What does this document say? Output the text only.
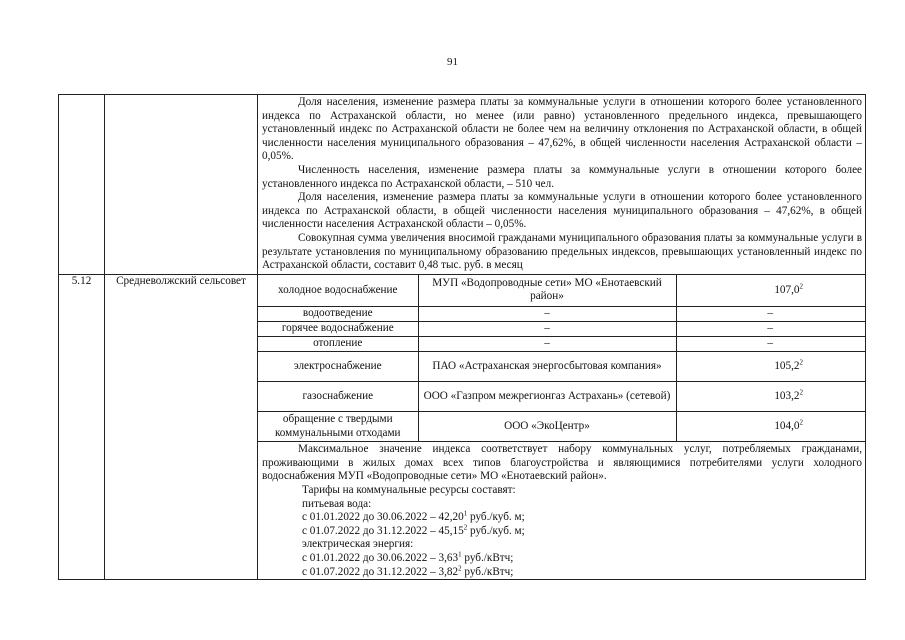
91

Доля населения, изменение размера платы за коммунальные услуги в отношении которого более установленного индекса по Астраханской области, но менее (или равно) установленного предельного индекса, превышающего установленный индекс по Астраханской области не более чем на величину отклонения по Астраханской области, в общей численности населения муниципального образования – 47,62%, в общей численности населения Астраханской области – 0,05%.
Численность населения, изменение размера платы за коммунальные услуги в отношении которого более установленного индекса по Астраханской области, – 510 чел.
Доля населения, изменение размера платы за коммунальные услуги в отношении которого более установленного индекса по Астраханской области, в общей численности населения муниципального образования – 47,62%, в общей численности населения Астраханской области – 0,05%.
Совокупная сумма увеличения вносимой гражданами муниципального образования платы за коммунальные услуги в результате установления по муниципальному образованию предельных индексов, превышающих установленный индекс по Астраханской области, составит 0,48 тыс. руб. в месяц

5.12	Средневолжский сельсовет	
холодное водоснабжение	МУП «Водопроводные сети» МО «Енотаевский район»	107,0$^2$
водоотведение	–	–
горячее водоснабжение	–	–
отопление	–	–
электроснабжение	ПАО «Астраханская энергосбытовая компания»	105,2$^2$
газоснабжение	ООО «Газпром межрегионгаз Астрахань» (сетевой)	103,2$^2$
обращение с твердыми коммунальными отходами	ООО «ЭкоЦентр»	104,0$^2$
Максимальное значение индекса соответствует набору коммунальных услуг, потребляемых гражданами, проживающими в жилых домах всех типов благоустройства и являющимися потребителями услуги холодного водоснабжения МУП «Водопроводные сети» МО «Енотаевский район».
Тарифы на коммунальные ресурсы составят:
питьевая вода:
с 01.01.2022 до 30.06.2022 – 42,20$^1$ руб./куб. м;
с 01.07.2022 до 31.12.2022 – 45,15$^2$ руб./куб. м;
электрическая энергия:
с 01.01.2022 до 30.06.2022 – 3,63$^1$ руб./кВтч;
с 01.07.2022 до 31.12.2022 – 3,82$^2$ руб./кВтч;
